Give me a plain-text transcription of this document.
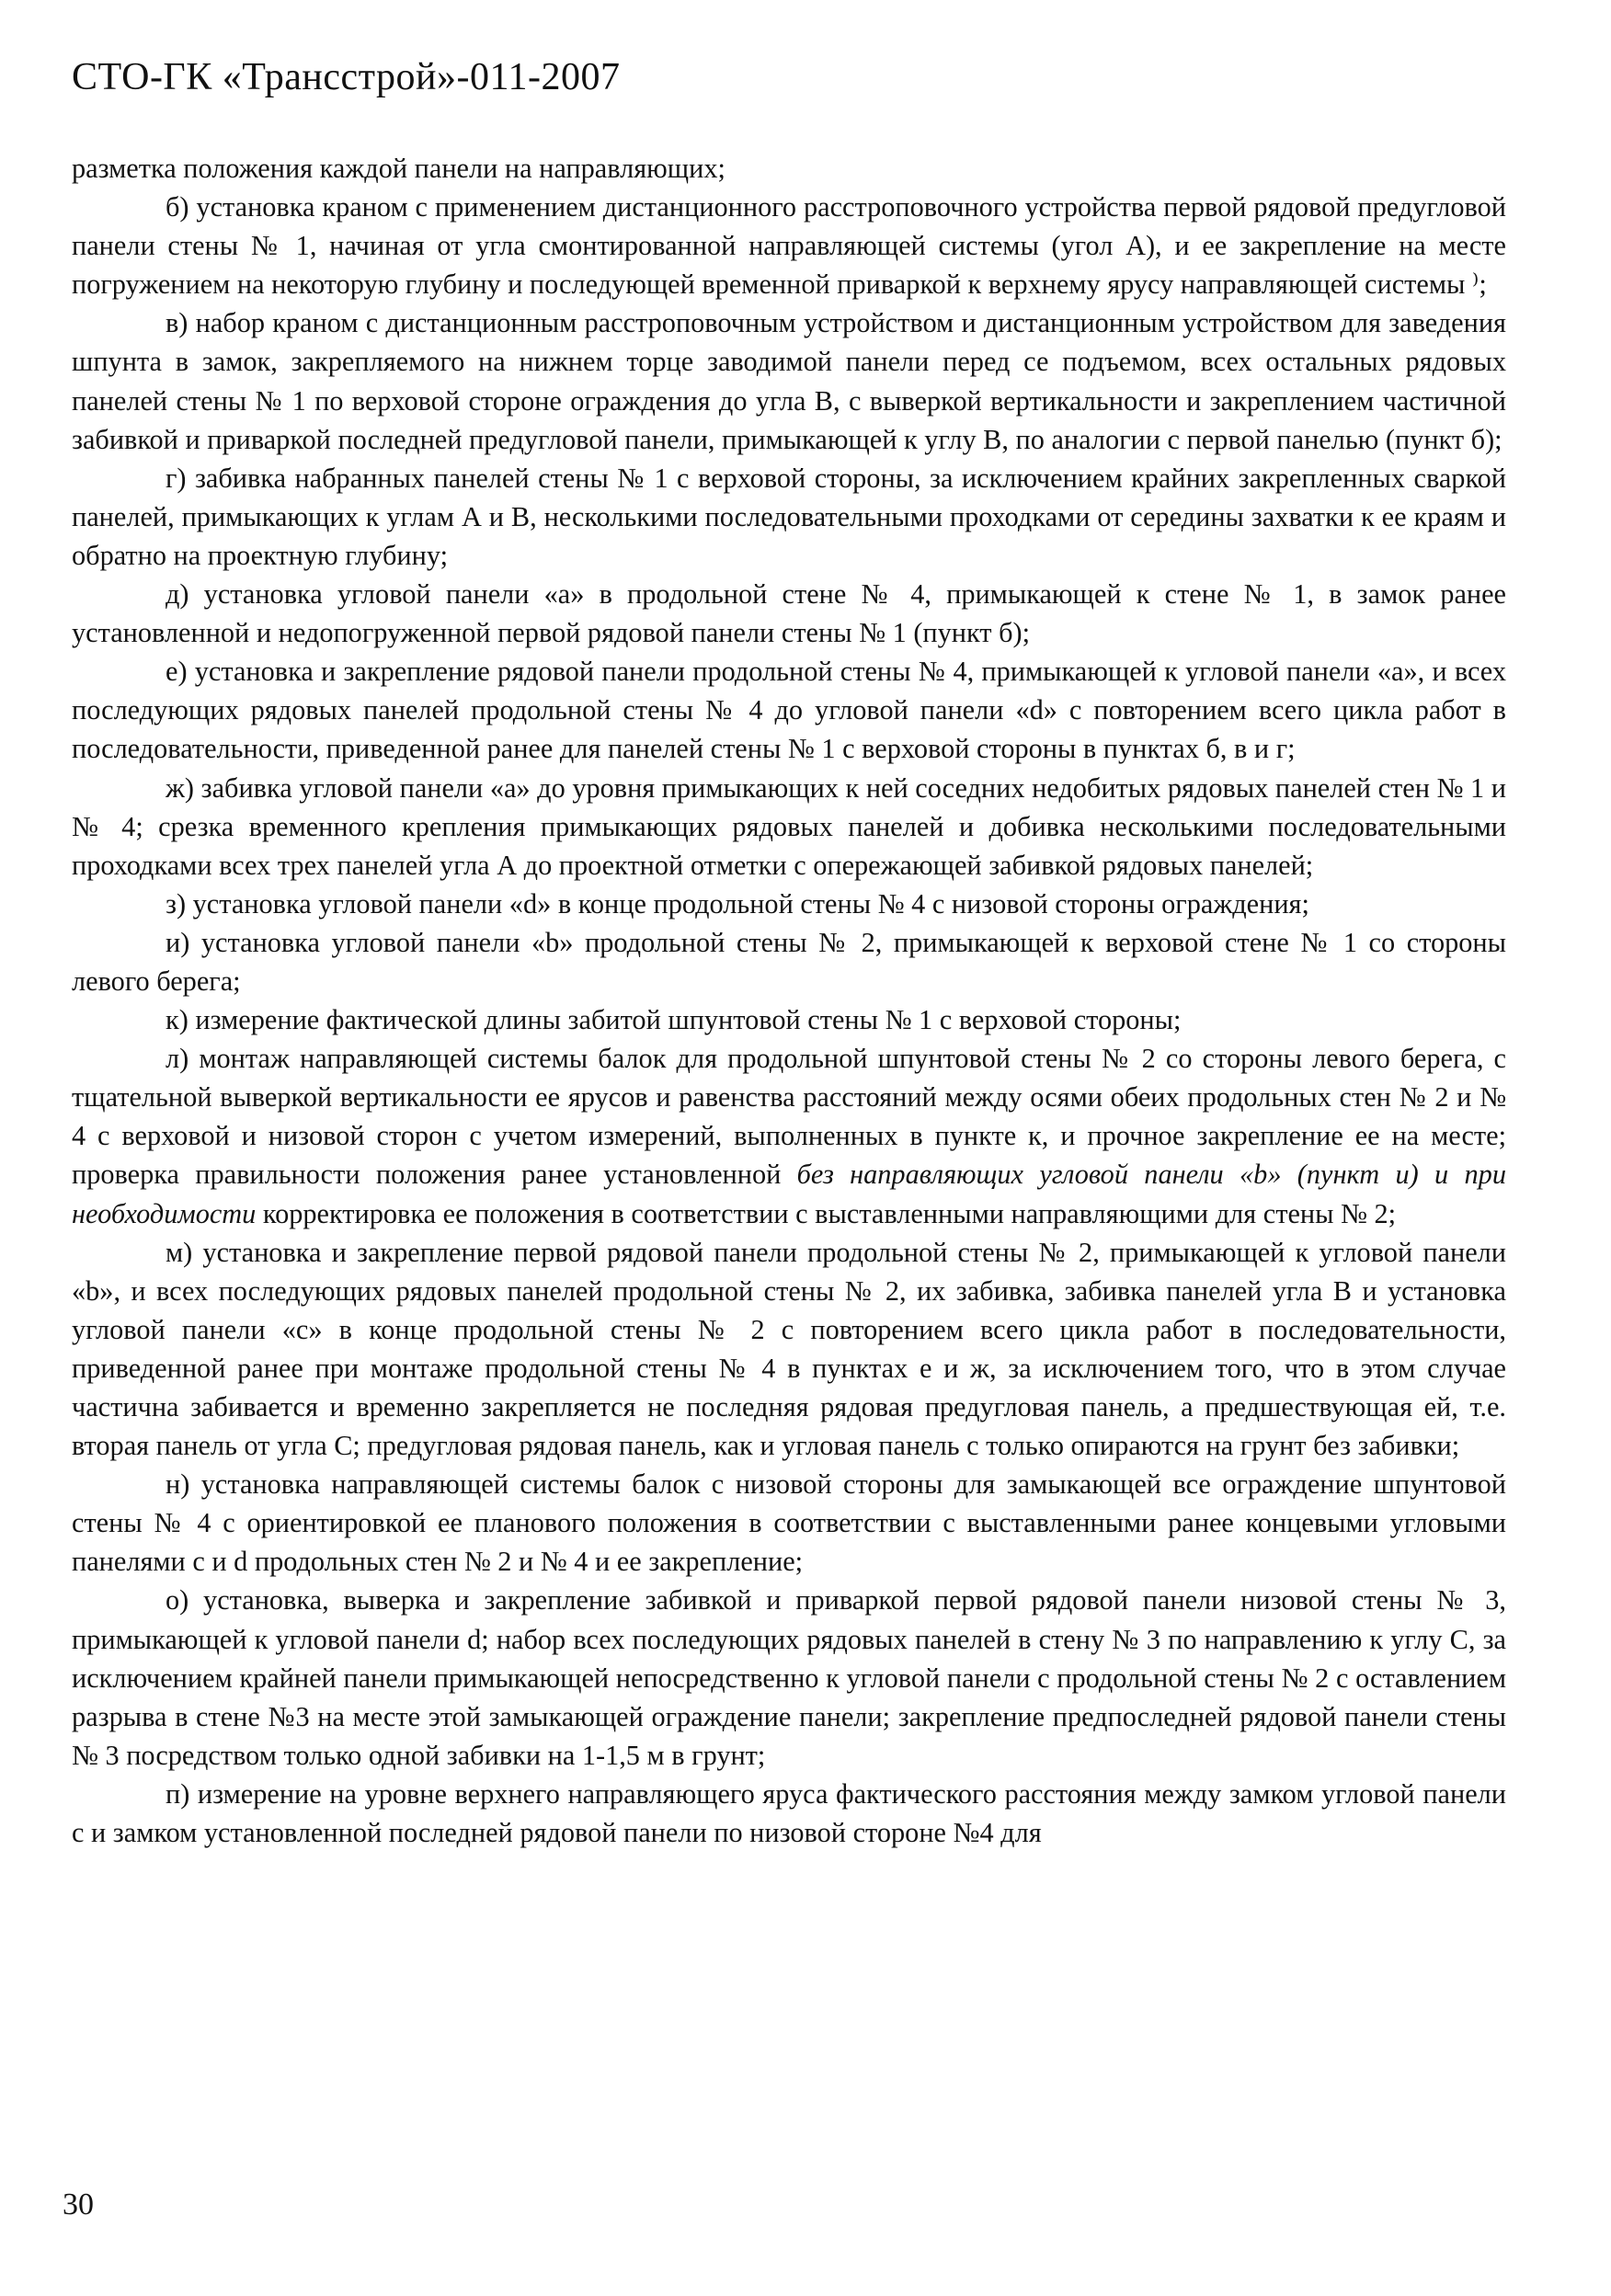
СТО-ГК «Трансстрой»-011-2007

разметка положения каждой панели на направляющих;

б) установка краном с применением дистанционного расстроповочного устройства первой рядовой предугловой панели стены № 1, начиная от угла смонтированной направляющей системы (угол А), и ее закрепление на месте погружением на некоторую глубину и последующей временной приваркой к верхнему ярусу направляющей системы ⁾;

в) набор краном с дистанционным расстроповочным устройством и дистанционным устройством для заведения шпунта в замок, закрепляемого на нижнем торце заводимой панели перед се подъемом, всех остальных рядовых панелей стены № 1 по верховой стороне ограждения до угла В, с выверкой вертикальности и закреплением частичной забивкой и приваркой последней предугловой панели, примыкающей к углу В, по аналогии с первой панелью (пункт б);

г) забивка набранных панелей стены № 1 с верховой стороны, за исключением крайних закрепленных сваркой панелей, примыкающих к углам А и В, несколькими последовательными проходками от середины захватки к ее краям и обратно на проектную глубину;

д) установка угловой панели «а» в продольной стене № 4, примыкающей к стене № 1, в замок ранее установленной и недопогруженной первой рядовой панели стены № 1 (пункт б);

е) установка и закрепление рядовой панели продольной стены № 4, примыкающей к угловой панели «а», и всех последующих рядовых панелей продольной стены № 4 до угловой панели «d» с повторением всего цикла работ в последовательности, приведенной ранее для панелей стены № 1 с верховой стороны в пунктах б, в и г;

ж) забивка угловой панели «а» до уровня примыкающих к ней соседних недобитых рядовых панелей стен № 1 и № 4; срезка временного крепления примыкающих рядовых панелей и добивка несколькими последовательными проходками всех трех панелей угла А до проектной отметки с опережающей забивкой рядовых панелей;

з) установка угловой панели «d» в конце продольной стены № 4 с низовой стороны ограждения;

и) установка угловой панели «b» продольной стены № 2, примыкающей к верховой стене № 1 со стороны левого берега;

к) измерение фактической длины забитой шпунтовой стены № 1 с верховой стороны;

л) монтаж направляющей системы балок для продольной шпунтовой стены № 2 со стороны левого берега, с тщательной выверкой вертикальности ее ярусов и равенства расстояний между осями обеих продольных стен № 2 и № 4 с верховой и низовой сторон с учетом измерений, выполненных в пункте к, и прочное закрепление ее на месте; проверка правильности положения ранее установленной без направляющих угловой панели «b» (пункт и) и при необходимости корректировка ее положения в соответствии с выставленными направляющими для стены № 2;

м) установка и закрепление первой рядовой панели продольной стены № 2, примыкающей к угловой панели «b», и всех последующих рядовых панелей продольной стены № 2, их забивка, забивка панелей угла В и установка угловой панели «с» в конце продольной стены № 2 с повторением всего цикла работ в последовательности, приведенной ранее при монтаже продольной стены № 4 в пунктах е и ж, за исключением того, что в этом случае частична забивается и временно закрепляется не последняя рядовая предугловая панель, а предшествующая ей, т.е. вторая панель от угла С; предугловая рядовая панель, как и угловая панель с только опираются на грунт без забивки;

н) установка направляющей системы балок с низовой стороны для замыкающей все ограждение шпунтовой стены № 4 с ориентировкой ее планового положения в соответствии с выставленными ранее концевыми угловыми панелями с и d продольных стен № 2 и № 4 и ее закрепление;

о) установка, выверка и закрепление забивкой и приваркой первой рядовой панели низовой стены № 3, примыкающей к угловой панели d; набор всех последующих рядовых панелей в стену № 3 по направлению к углу С, за исключением крайней панели примыкающей непосредственно к угловой панели с продольной стены № 2 с оставлением разрыва в стене №3 на месте этой замыкающей ограждение панели; закрепление предпоследней рядовой панели стены № 3 посредством только одной забивки на 1-1,5 м в грунт;

п) измерение на уровне верхнего направляющего яруса фактического расстояния между замком угловой панели с и замком установленной последней рядовой панели по низовой стороне №4 для

30
